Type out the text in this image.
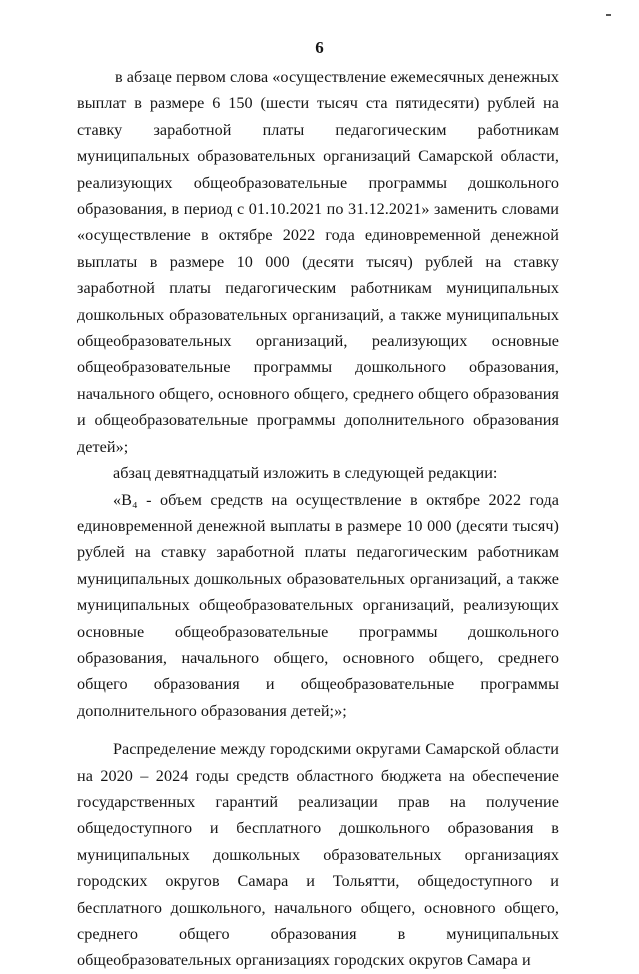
6

в абзаце первом слова «осуществление ежемесячных денежных выплат в размере 6 150 (шести тысяч ста пятидесяти) рублей на ставку заработной платы педагогическим работникам муниципальных образовательных организаций Самарской области, реализующих общеобразовательные программы дошкольного образования, в период с 01.10.2021 по 31.12.2021» заменить словами «осуществление в октябре 2022 года единовременной денежной выплаты в размере 10 000 (десяти тысяч) рублей на ставку заработной платы педагогическим работникам муниципальных дошкольных образовательных организаций, а также муниципальных общеобразовательных организаций, реализующих основные общеобразовательные программы дошкольного образования, начального общего, основного общего, среднего общего образования и общеобразовательные программы дополнительного образования детей»;

абзац девятнадцатый изложить в следующей редакции:

«В₄ - объем средств на осуществление в октябре 2022 года единовременной денежной выплаты в размере 10 000 (десяти тысяч) рублей на ставку заработной платы педагогическим работникам муниципальных дошкольных образовательных организаций, а также муниципальных общеобразовательных организаций, реализующих основные общеобразовательные программы дошкольного образования, начального общего, основного общего, среднего общего образования и общеобразовательные программы дополнительного образования детей;»;

Распределение между городскими округами Самарской области на 2020 – 2024 годы средств областного бюджета на обеспечение государственных гарантий реализации прав на получение общедоступного и бесплатного дошкольного образования в муниципальных дошкольных образовательных организациях городских округов Самара и Тольятти, общедоступного и бесплатного дошкольного, начального общего, основного общего, среднего общего образования в муниципальных общеобразовательных организациях городских округов Самара и
